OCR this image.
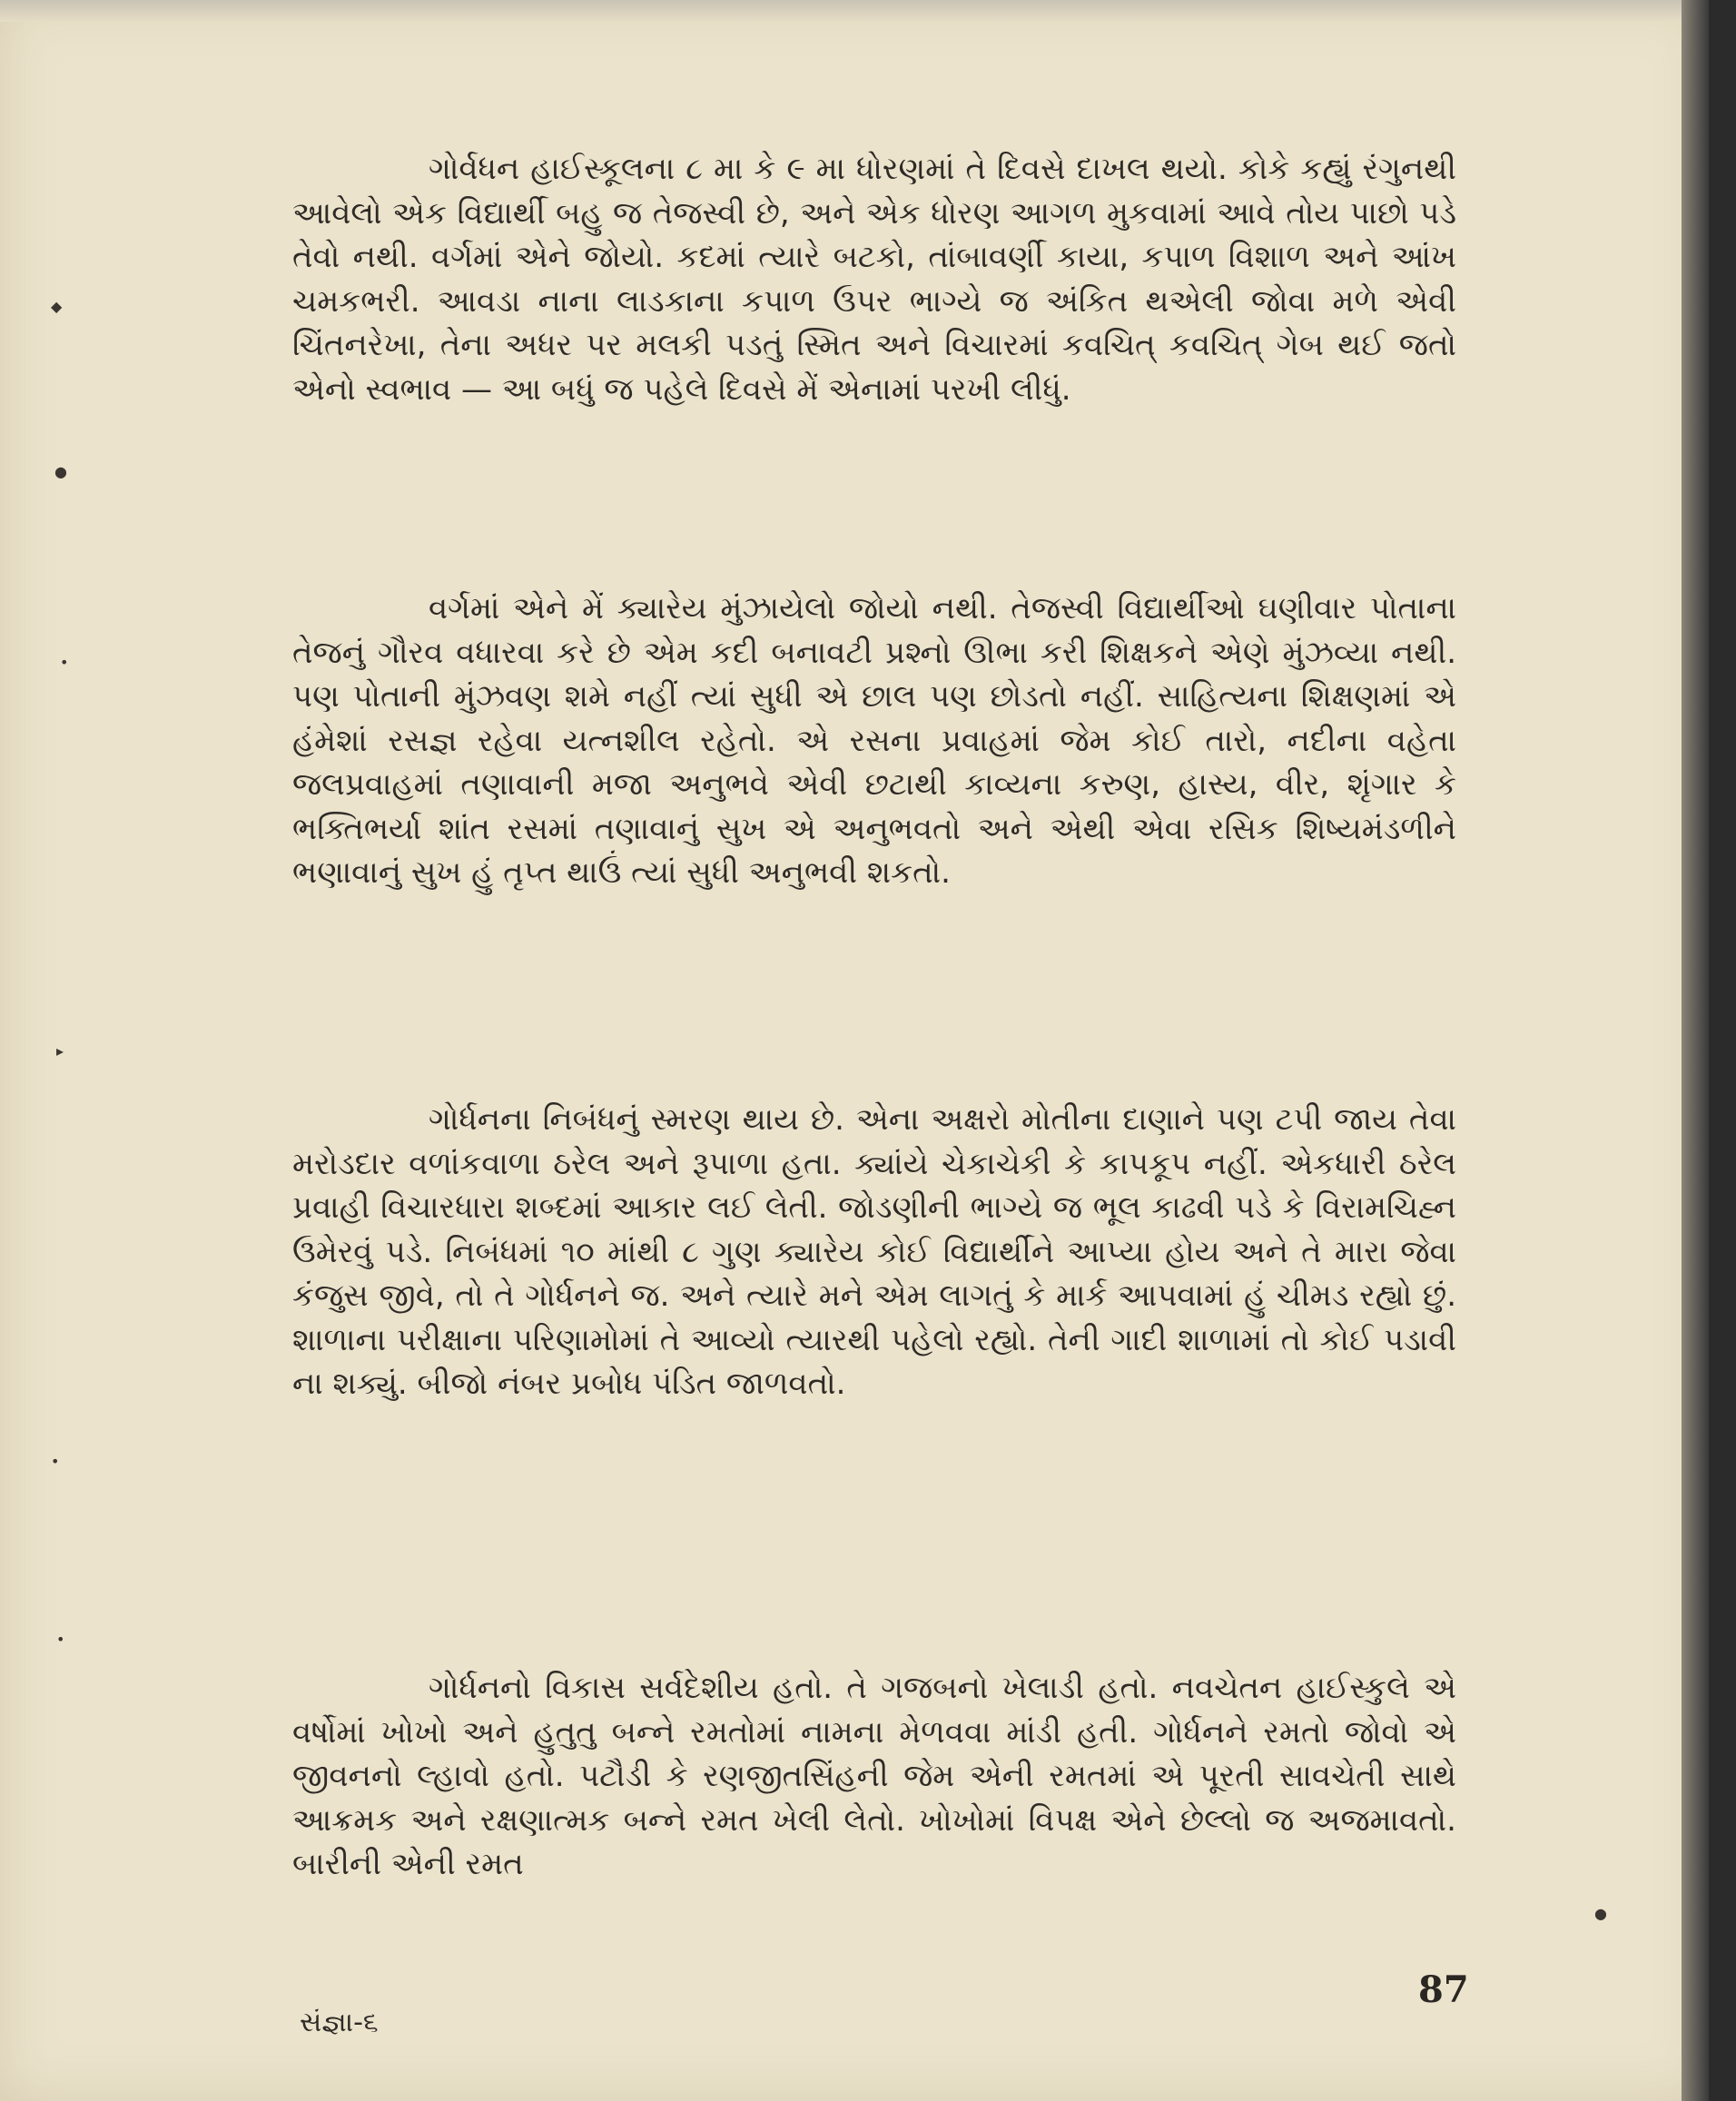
◆
●
•
▸
•
•
●

ગોર્વધન હાઈસ્કૂલના ૮ મા કે ૯ મા ધોરણમાં તે દિવસે દાખલ થયો. કોકે કહ્યું રંગુનથી આવેલો એક વિદ્યાર્થી બહુ જ તેજસ્વી છે, અને એક ધોરણ આગળ મુકવામાં આવે તોય પાછો પડે તેવો નથી. વર્ગમાં એને જોયો. કદમાં ત્યારે બટકો, તાંબાવર્ણી કાયા, કપાળ વિશાળ અને આંખ ચમકભરી. આવડા નાના લાડકાના કપાળ ઉપર ભાગ્યે જ અંકિત થએલી જોવા મળે એવી ચિંતનરેખા, તેના અધર પર મલકી પડતું સ્મિત અને વિચારમાં કવચિત્ કવચિત્ ગેબ થઈ જતો એનો સ્વભાવ — આ બધું જ પહેલે દિવસે મેં એનામાં પરખી લીધું.

વર્ગમાં એને મેં ક્યારેય મુંઝાયેલો જોયો નથી. તેજસ્વી વિદ્યાર્થીઓ ઘણીવાર પોતાના તેજનું ગૌરવ વધારવા કરે છે એમ કદી બનાવટી પ્રશ્નો ઊભા કરી શિક્ષકને એણે મુંઝવ્યા નથી. પણ પોતાની મુંઝવણ શમે નહીં ત્યાં સુધી એ છાલ પણ છોડતો નહીં. સાહિત્યના શિક્ષણમાં એ હંમેશાં રસજ્ઞ રહેવા યત્નશીલ રહેતો. એ રસના પ્રવાહમાં જેમ કોઈ તારો, નદીના વહેતા જલપ્રવાહમાં તણાવાની મજા અનુભવે એવી છટાથી કાવ્યના કરુણ, હાસ્ય, વીર, શૃંગાર કે ભક્તિભર્યા શાંત રસમાં તણાવાનું સુખ એ અનુભવતો અને એથી એવા રસિક શિષ્યમંડળીને ભણાવાનું સુખ હું તૃપ્ત થાઉં ત્યાં સુધી અનુભવી શકતો.

ગોર્ધનના નિબંધનું સ્મરણ થાય છે. એના અક્ષરો મોતીના દાણાને પણ ટપી જાય તેવા મરોડદાર વળાંકવાળા ઠરેલ અને રૂપાળા હતા. ક્યાંયે ચેકાચેકી કે કાપકૂપ નહીં. એકધારી ઠરેલ પ્રવાહી વિચારધારા શબ્દમાં આકાર લઈ લેતી. જોડણીની ભાગ્યે જ ભૂલ કાઢવી પડે કે વિરામચિહ્ન ઉમેરવું પડે. નિબંધમાં ૧૦ માંથી ૮ ગુણ ક્યારેય કોઈ વિદ્યાર્થીને આપ્યા હોય અને તે મારા જેવા કંજુસ જીવે, તો તે ગોર્ધનને જ. અને ત્યારે મને એમ લાગતું કે માર્ક આપવામાં હું ચીમડ રહ્યો છું. શાળાના પરીક્ષાના પરિણામોમાં તે આવ્યો ત્યારથી પહેલો રહ્યો. તેની ગાદી શાળામાં તો કોઈ પડાવી ના શક્યું. બીજો નંબર પ્રબોધ પંડિત જાળવતો.

ગોર્ધનનો વિકાસ સર્વદેશીય હતો. તે ગજબનો ખેલાડી હતો. નવચેતન હાઈસ્કુલે એ વર્ષોમાં ખોખો અને હુતુતુ બન્ને રમતોમાં નામના મેળવવા માંડી હતી. ગોર્ધનને રમતો જોવો એ જીવનનો લ્હાવો હતો. પટૌડી કે રણજીતસિંહની જેમ એની રમતમાં એ પૂરતી સાવચેતી સાથે આક્રમક અને રક્ષણાત્મક બન્ને રમત ખેલી લેતો. ખોખોમાં વિપક્ષ એને છેલ્લો જ અજમાવતો. બારીની એની રમત

87
સંજ્ઞા-૬
